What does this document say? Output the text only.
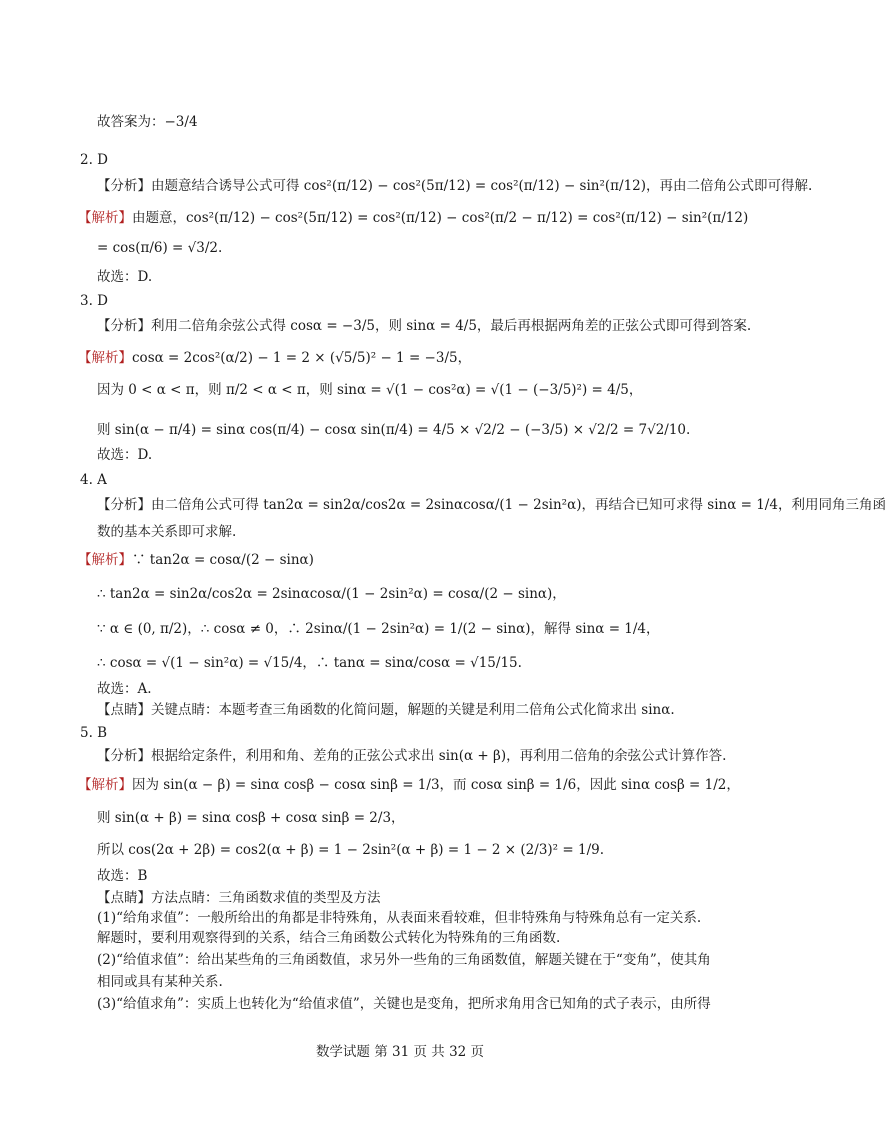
故答案为：−3/4
2. D
【分析】由题意结合诱导公式可得 cos²(π/12) − cos²(5π/12) = cos²(π/12) − sin²(π/12)，再由二倍角公式即可得解.
【解析】由题意，cos²(π/12) − cos²(5π/12) = cos²(π/12) − cos²(π/2 − π/12) = cos²(π/12) − sin²(π/12)
= cos(π/6) = √3/2.
故选：D.
3. D
【分析】利用二倍角余弦公式得 cosα = −3/5，则 sinα = 4/5，最后再根据两角差的正弦公式即可得到答案.
【解析】cosα = 2cos²(α/2) − 1 = 2 × (√5/5)² − 1 = −3/5，
因为 0 < α < π，则 π/2 < α < π，则 sinα = √(1 − cos²α) = √(1 − (−3/5)²) = 4/5，
则 sin(α − π/4) = sinα cos(π/4) − cosα sin(π/4) = 4/5 × √2/2 − (−3/5) × √2/2 = 7√2/10.
故选：D.
4. A
【分析】由二倍角公式可得 tan2α = sin2α/cos2α = 2sinαcosα/(1 − 2sin²α)，再结合已知可求得 sinα = 1/4，利用同角三角函
数的基本关系即可求解.
【解析】∵ tan2α = cosα/(2 − sinα)
∴ tan2α = sin2α/cos2α = 2sinαcosα/(1 − 2sin²α) = cosα/(2 − sinα)，
∵ α ∈ (0, π/2)，∴ cosα ≠ 0，∴ 2sinα/(1 − 2sin²α) = 1/(2 − sinα)，解得 sinα = 1/4，
∴ cosα = √(1 − sin²α) = √15/4，∴ tanα = sinα/cosα = √15/15.
故选：A.
【点睛】关键点睛：本题考查三角函数的化简问题，解题的关键是利用二倍角公式化简求出 sinα.
5. B
【分析】根据给定条件，利用和角、差角的正弦公式求出 sin(α + β)，再利用二倍角的余弦公式计算作答.
【解析】因为 sin(α − β) = sinα cosβ − cosα sinβ = 1/3，而 cosα sinβ = 1/6，因此 sinα cosβ = 1/2，
则 sin(α + β) = sinα cosβ + cosα sinβ = 2/3，
所以 cos(2α + 2β) = cos2(α + β) = 1 − 2sin²(α + β) = 1 − 2 × (2/3)² = 1/9.
故选：B
【点睛】方法点睛：三角函数求值的类型及方法
(1)“给角求值”：一般所给出的角都是非特殊角，从表面来看较难，但非特殊角与特殊角总有一定关系.
解题时，要利用观察得到的关系，结合三角函数公式转化为特殊角的三角函数.
(2)“给值求值”：给出某些角的三角函数值，求另外一些角的三角函数值，解题关键在于“变角”，使其角
相同或具有某种关系.
(3)“给值求角”：实质上也转化为“给值求值”，关键也是变角，把所求角用含已知角的式子表示，由所得
数学试题 第 31 页 共 32 页
